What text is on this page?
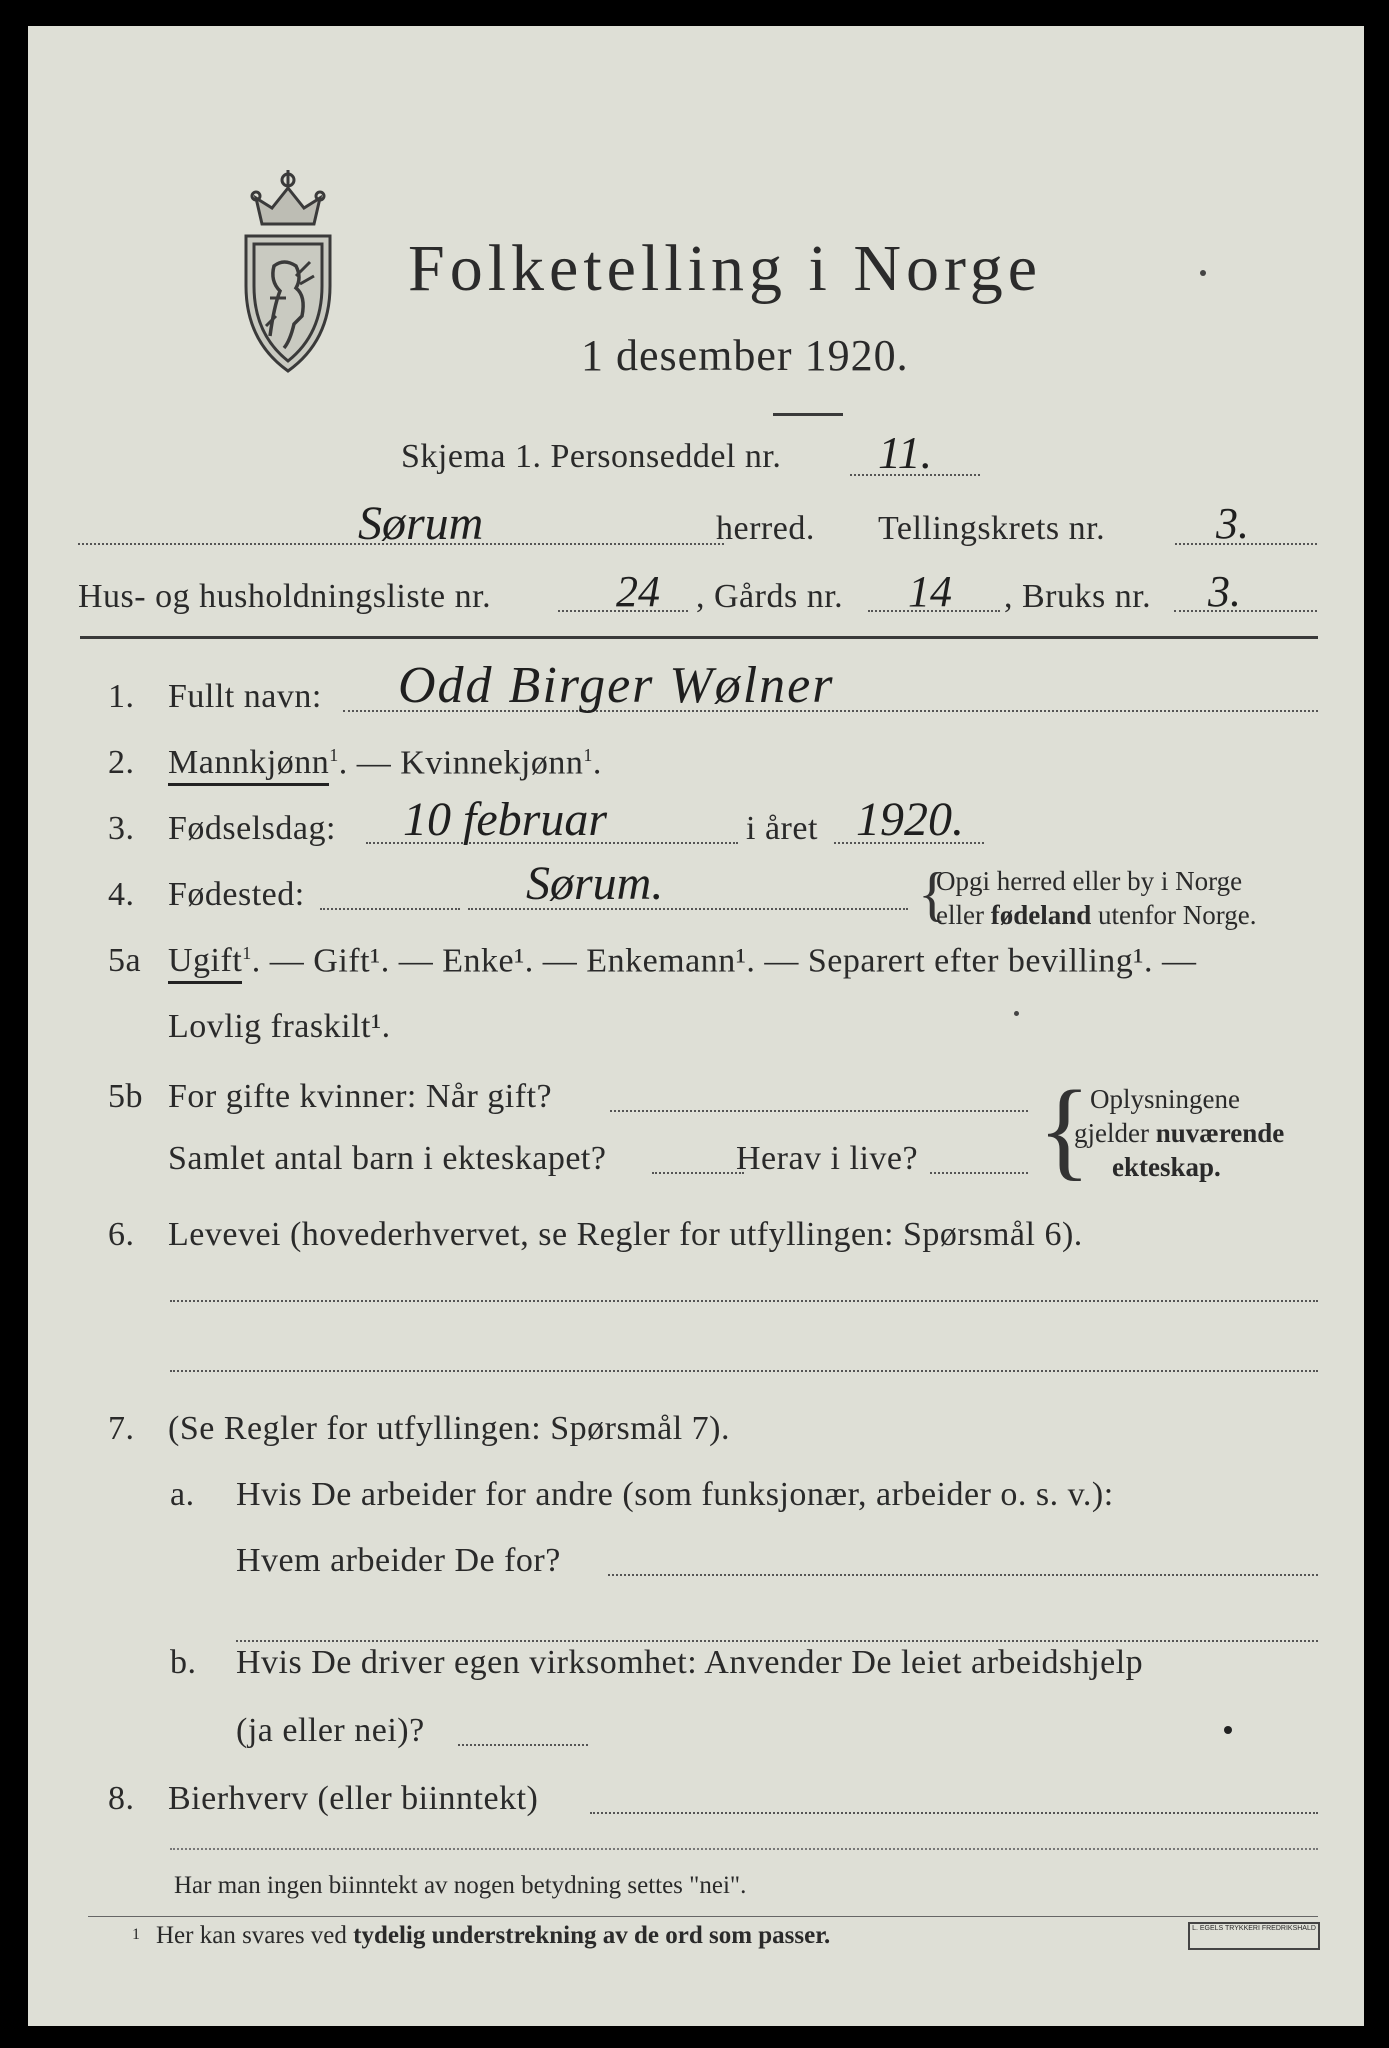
Folketelling i Norge
1 desember 1920.
Skjema 1. Personseddel nr. 11.
Sørum	herred. Tellingskrets nr.	3.
Hus- og husholdningsliste nr.	24 , Gårds nr. 14 , Bruks nr. 3.
1. Fullt navn: Odd Birger Wølner
2. Mannkjønn$^1$. — Kvinnekjønn$^1$.
3. Fødselsdag: 10 februar	i året 1920.
4. Fødested:	Sørum.	{
Opgi herred eller by i Norge
eller fødeland utenfor Norge.
5a Ugift$^1$. — Gift¹. — Enke¹. — Enkemann¹. — Separert efter bevilling¹. —
Lovlig fraskilt¹.
5b For gifte kvinner: Når gift?
Samlet antal barn i ekteskapet?	Herav i live? { Oplysningene
gjelder nuværende
ekteskap.
6. Levevei (hovederhvervet, se Regler for utfyllingen: Spørsmål 6).
7. (Se Regler for utfyllingen: Spørsmål 7).
a. Hvis De arbeider for andre (som funksjonær, arbeider o. s. v.):
Hvem arbeider De for?
b. Hvis De driver egen virksomhet: Anvender De leiet arbeidshjelp
(ja eller nei)?
8. Bierhverv (eller biinntekt)
Har man ingen biinntekt av nogen betydning settes "nei".
1 Her kan svares ved tydelig understrekning av de ord som passer.	L. EGELS TRYKKERI FREDRIKSHALD
